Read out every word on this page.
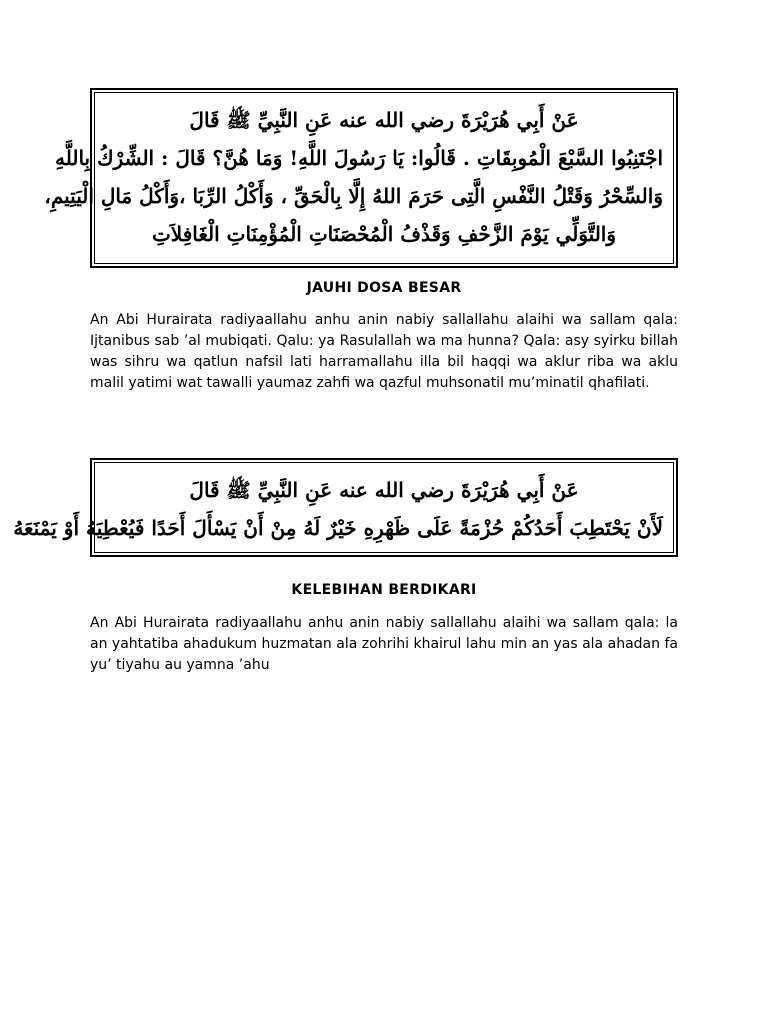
عَنْ أَبِي هُرَيْرَةَ رضي الله عنه عَنِ النَّبِيِّ ﷺ قَالَ
اجْتَنِبُوا السَّبْعَ الْمُوبِقَاتِ . قَالُوا: يَا رَسُولَ اللَّهِ! وَمَا هُنَّ؟ قَالَ : الشِّرْكُ بِاللَّهِ
وَالسِّحْرُ وَقَتْلُ النَّفْسِ الَّتِى حَرَمَ اللهُ إِلَّا بِالْحَقِّ ، وَأَكْلُ الرِّبَا ،وَأَكْلُ مَالِ الْيَتِيمِ،
وَالتَّوَلِّي يَوْمَ الزَّحْفِ وَقَذْفُ الْمُحْصَنَاتِ الْمُؤْمِنَاتِ الْغَافِلاَتِ
JAUHI DOSA BESAR

An Abi Hurairata radiyaallahu anhu anin nabiy sallallahu alaihi wa sallam qala: Ijtanibus sab ’al mubiqati. Qalu: ya Rasulallah wa ma hunna? Qala: asy syirku billah was sihru wa qatlun nafsil lati harramallahu illa bil haqqi wa aklur riba wa aklu malil yatimi wat tawalli yaumaz zahfi wa qazful muhsonatil mu’minatil qhafilati.

عَنْ أَبِي هُرَيْرَةَ رضي الله عنه عَنِ النَّبِيِّ ﷺ قَالَ
لَأَنْ يَحْتَطِبَ أَحَدُكُمْ حُزْمَةً عَلَى ظَهْرِهِ خَيْرٌ لَهُ مِنْ أَنْ يَسْأَلَ أَحَدًا فَيُعْطِيَهُ أَوْ يَمْنَعَهُ
KELEBIHAN BERDIKARI

An Abi Hurairata radiyaallahu anhu anin nabiy sallallahu alaihi wa sallam qala: la an yahtatiba ahadukum huzmatan ala zohrihi khairul lahu min an yas ala ahadan fa yu’ tiyahu au yamna ’ahu
